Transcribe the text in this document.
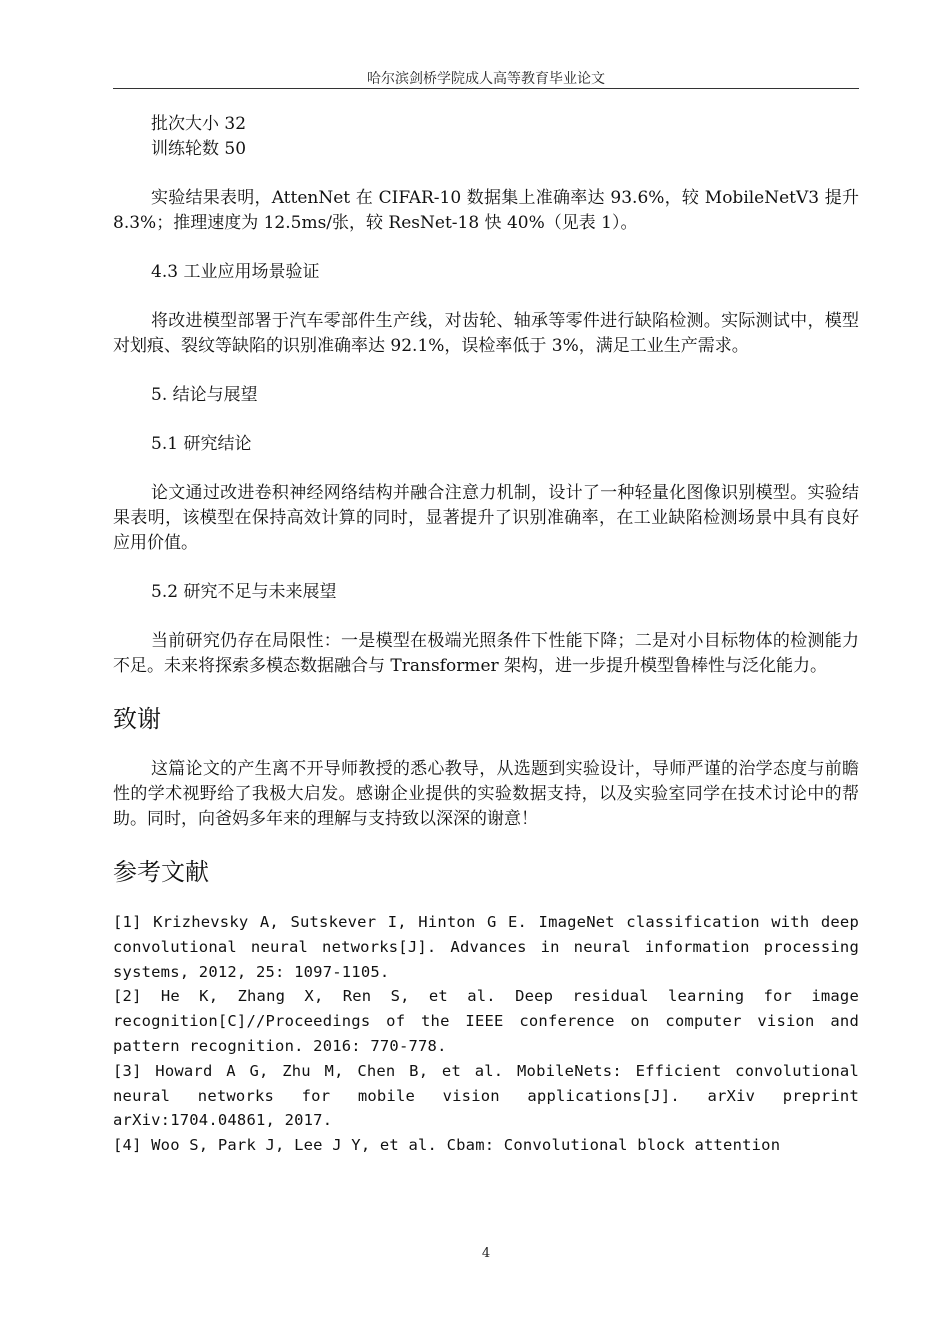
哈尔滨剑桥学院成人高等教育毕业论文

批次大小 32

训练轮数 50

实验结果表明，AttenNet 在 CIFAR-10 数据集上准确率达 93.6%，较 MobileNetV3 提升 8.3%；推理速度为 12.5ms/张，较 ResNet-18 快 40%（见表 1）。

4.3 工业应用场景验证

将改进模型部署于汽车零部件生产线，对齿轮、轴承等零件进行缺陷检测。实际测试中，模型对划痕、裂纹等缺陷的识别准确率达 92.1%，误检率低于 3%，满足工业生产需求。

5. 结论与展望

5.1 研究结论

论文通过改进卷积神经网络结构并融合注意力机制，设计了一种轻量化图像识别模型。实验结果表明，该模型在保持高效计算的同时，显著提升了识别准确率，在工业缺陷检测场景中具有良好应用价值。

5.2 研究不足与未来展望

当前研究仍存在局限性：一是模型在极端光照条件下性能下降；二是对小目标物体的检测能力不足。未来将探索多模态数据融合与 Transformer 架构，进一步提升模型鲁棒性与泛化能力。

致谢

这篇论文的产生离不开导师教授的悉心教导，从选题到实验设计，导师严谨的治学态度与前瞻性的学术视野给了我极大启发。感谢企业提供的实验数据支持，以及实验室同学在技术讨论中的帮助。同时，向爸妈多年来的理解与支持致以深深的谢意！

参考文献

[1] Krizhevsky A, Sutskever I, Hinton G E. ImageNet classification with deep convolutional neural networks[J]. Advances in neural information processing systems, 2012, 25: 1097-1105.

[2] He K, Zhang X, Ren S, et al. Deep residual learning for image recognition[C]//Proceedings of the IEEE conference on computer vision and pattern recognition. 2016: 770-778.

[3] Howard A G, Zhu M, Chen B, et al. MobileNets: Efficient convolutional neural networks for mobile vision applications[J]. arXiv preprint arXiv:1704.04861, 2017.

[4] Woo S, Park J, Lee J Y, et al. Cbam: Convolutional block attention

4
